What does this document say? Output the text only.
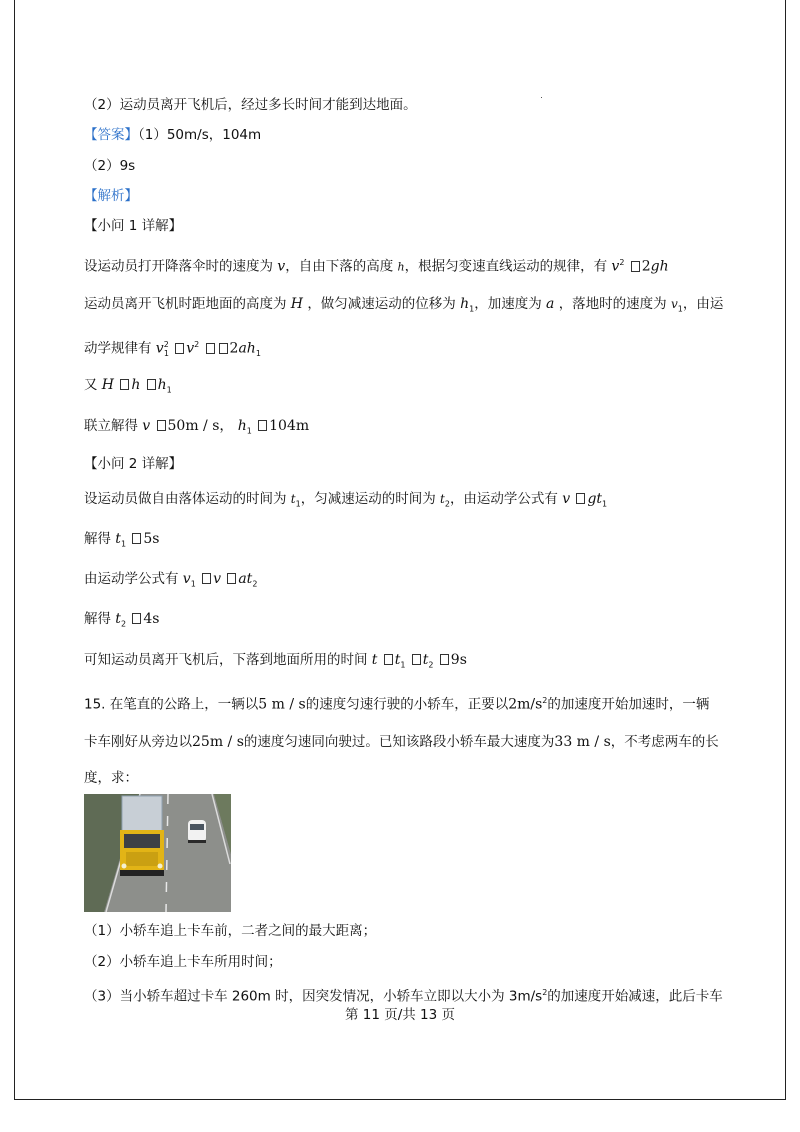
（2）运动员离开飞机后，经过多长时间才能到达地面。
【答案】（1）50m/s，104m
（2）9s
【解析】
【小问 1 详解】
设运动员打开降落伞时的速度为 v，自由下落的高度 h，根据匀变速直线运动的规律，有 $v^2$ 2gh
运动员离开飞机时距地面的高度为 H ，做匀减速运动的位移为 $h_1$，加速度为 a ，落地时的速度为 $v_1$，由运
动学规律有 $v^2_1$ $v^2$ $2ah_1$
又 H h $h_1$
联立解得 v 50m / s， $h_1$ 104m
【小问 2 详解】
设运动员做自由落体运动的时间为 $t_1$，匀减速运动的时间为 $t_2$，由运动学公式有 v $gt_1$
解得 $t_1$ 5s
由运动学公式有 $v_1$ v $at_2$
解得 $t_2$ 4s
可知运动员离开飞机后，下落到地面所用的时间 t $t_1$ $t_2$ 9s
15. 在笔直的公路上，一辆以5 m / s的速度匀速行驶的小轿车，正要以$2m/s^2$的加速度开始加速时，一辆
卡车刚好从旁边以25m / s的速度匀速同向驶过。已知该路段小轿车最大速度为33 m / s，不考虑两车的长
度，求：
（1）小轿车追上卡车前，二者之间的最大距离；
（2）小轿车追上卡车所用时间；
（3）当小轿车超过卡车 260m 时，因突发情况，小轿车立即以大小为 $3m/s^2$的加速度开始减速，此后卡车
第 11 页/共 13 页
